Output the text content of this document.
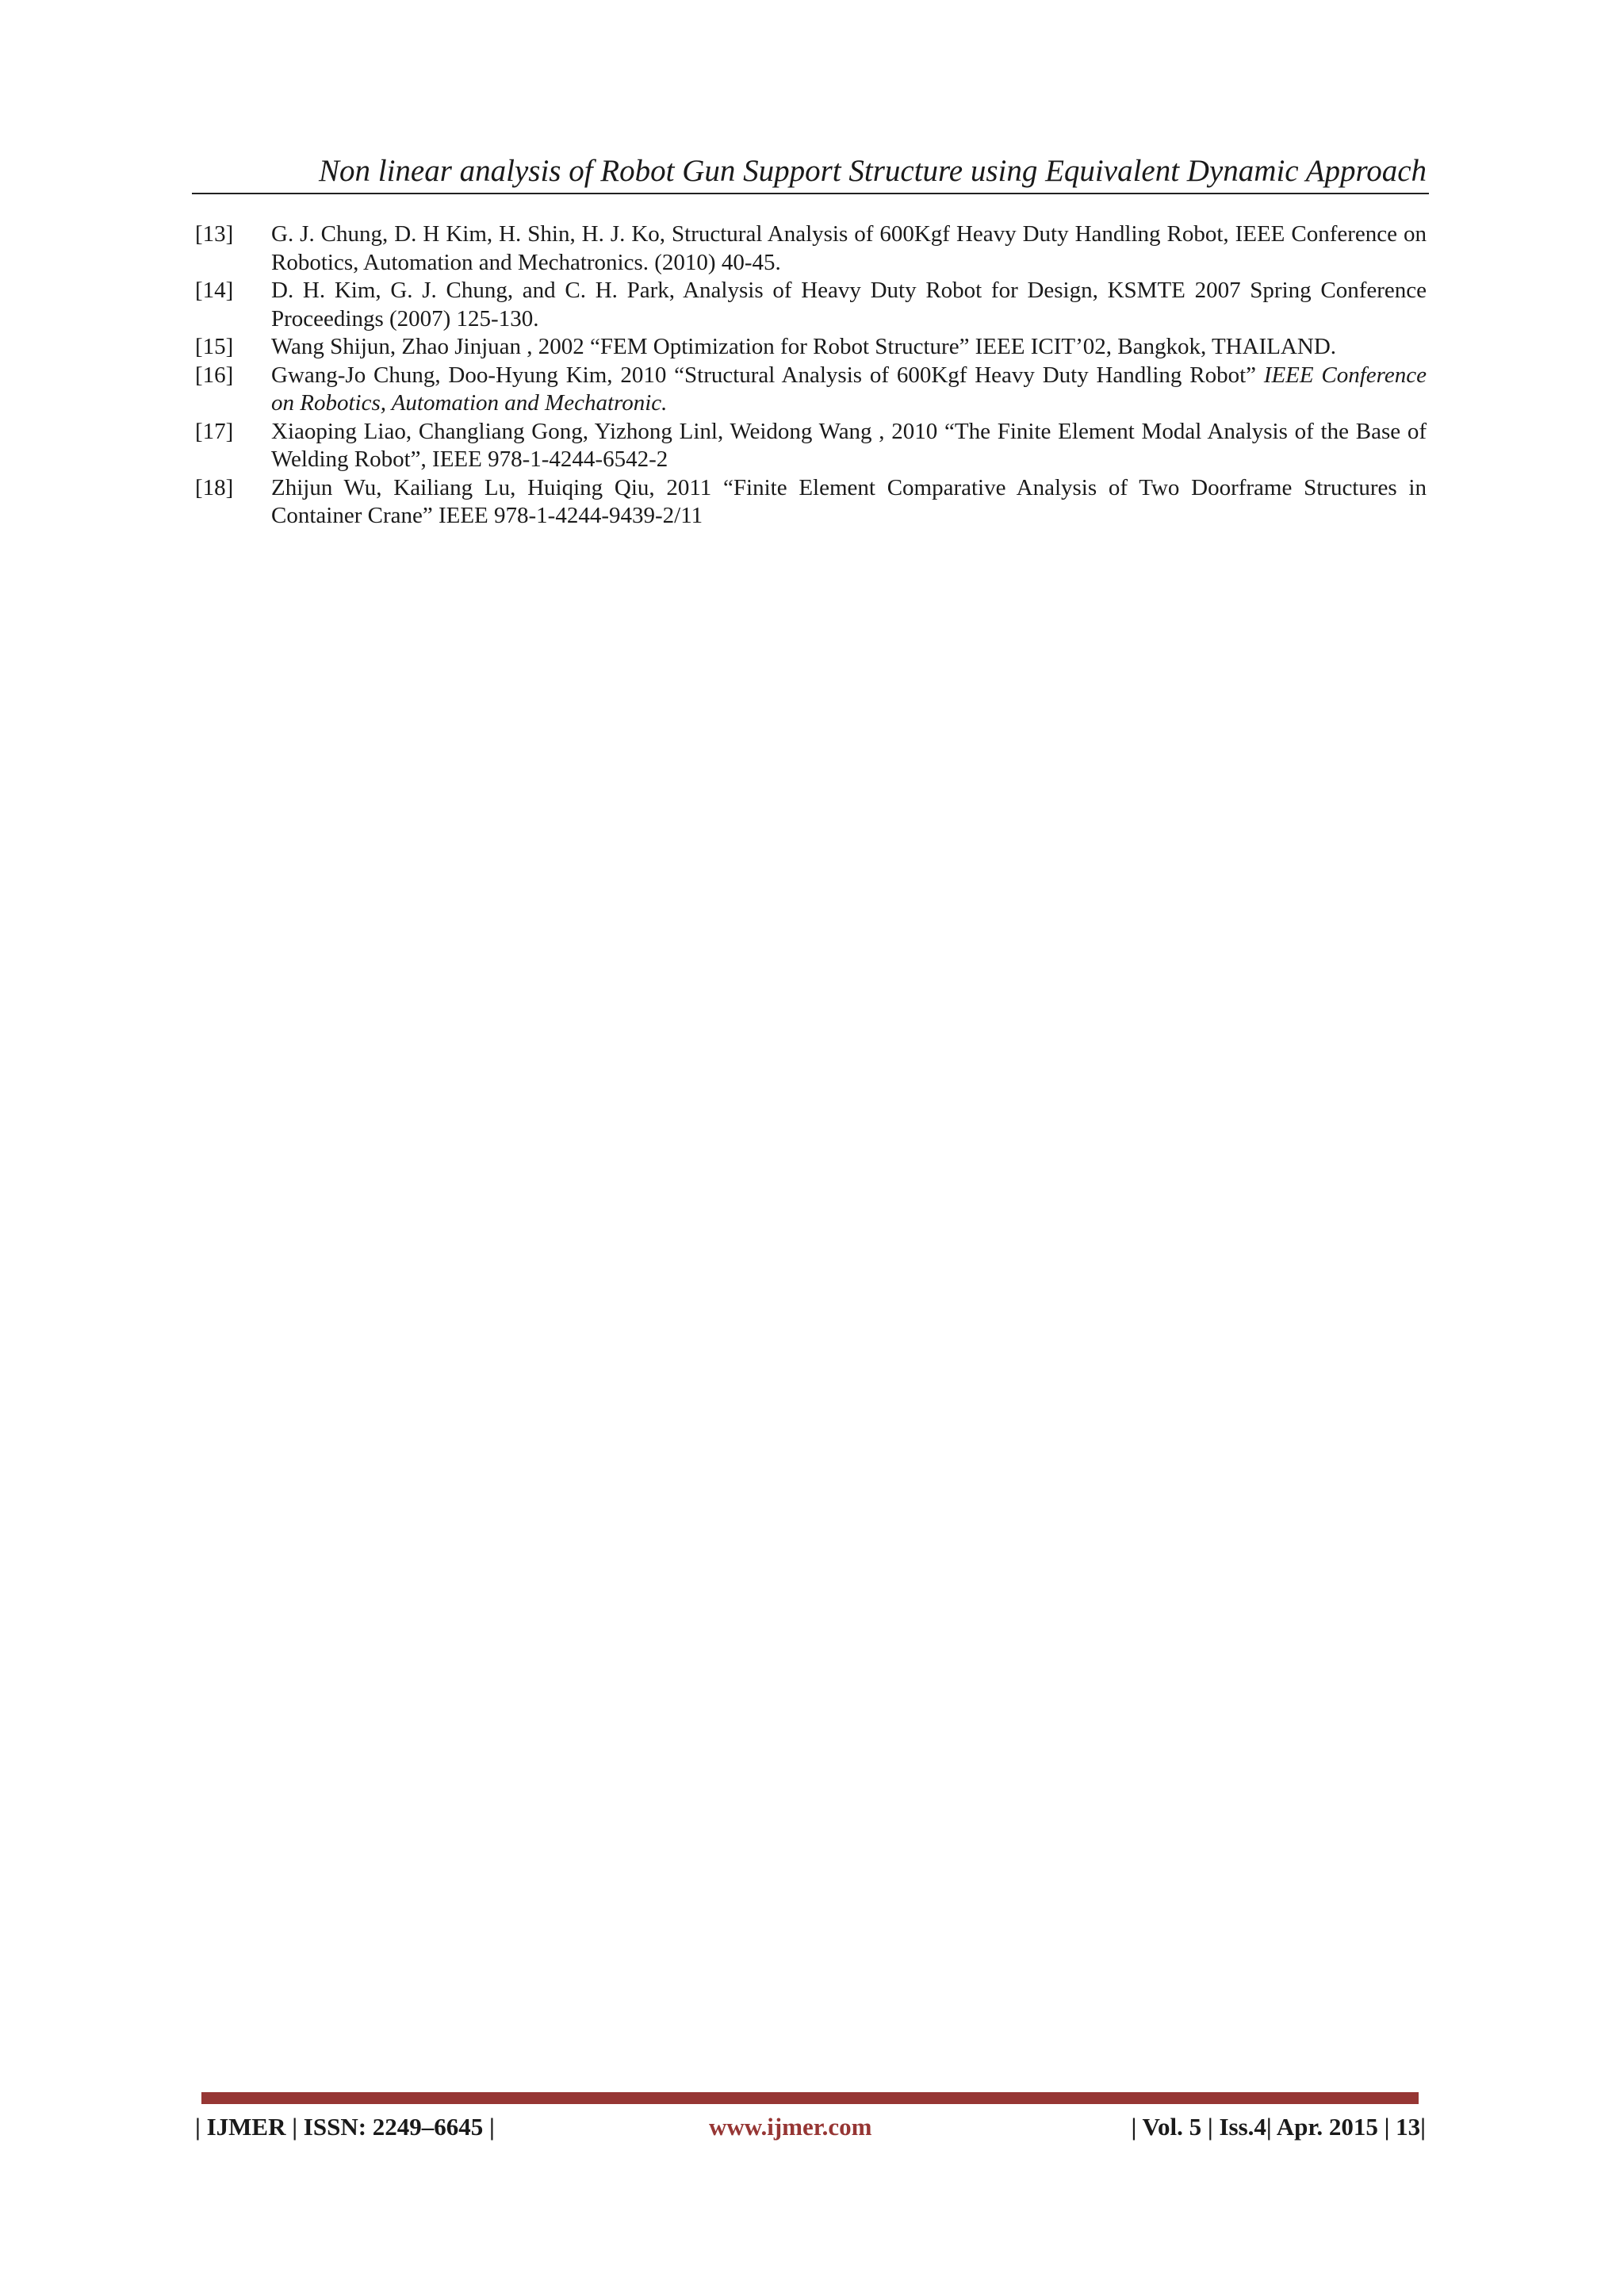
Non linear analysis of Robot Gun Support Structure using Equivalent Dynamic Approach
[13] G. J. Chung, D. H Kim, H. Shin, H. J. Ko, Structural Analysis of 600Kgf Heavy Duty Handling Robot, IEEE Conference on Robotics, Automation and Mechatronics. (2010) 40-45.
[14] D. H. Kim, G. J. Chung, and C. H. Park, Analysis of Heavy Duty Robot for Design, KSMTE 2007 Spring Conference Proceedings (2007) 125-130.
[15] Wang Shijun, Zhao Jinjuan , 2002 “FEM Optimization for Robot Structure” IEEE ICIT’02, Bangkok, THAILAND.
[16] Gwang-Jo Chung, Doo-Hyung Kim, 2010 “Structural Analysis of 600Kgf Heavy Duty Handling Robot” IEEE Conference on Robotics, Automation and Mechatronic.
[17] Xiaoping Liao, Changliang Gong, Yizhong Linl, Weidong Wang , 2010 “The Finite Element Modal Analysis of the Base of Welding Robot”, IEEE 978-1-4244-6542-2
[18] Zhijun Wu, Kailiang Lu, Huiqing Qiu, 2011 “Finite Element Comparative Analysis of Two Doorframe Structures in Container Crane” IEEE 978-1-4244-9439-2/11
| IJMER | ISSN: 2249–6645 |	www.ijmer.com	| Vol. 5 | Iss.4| Apr. 2015 | 13|
